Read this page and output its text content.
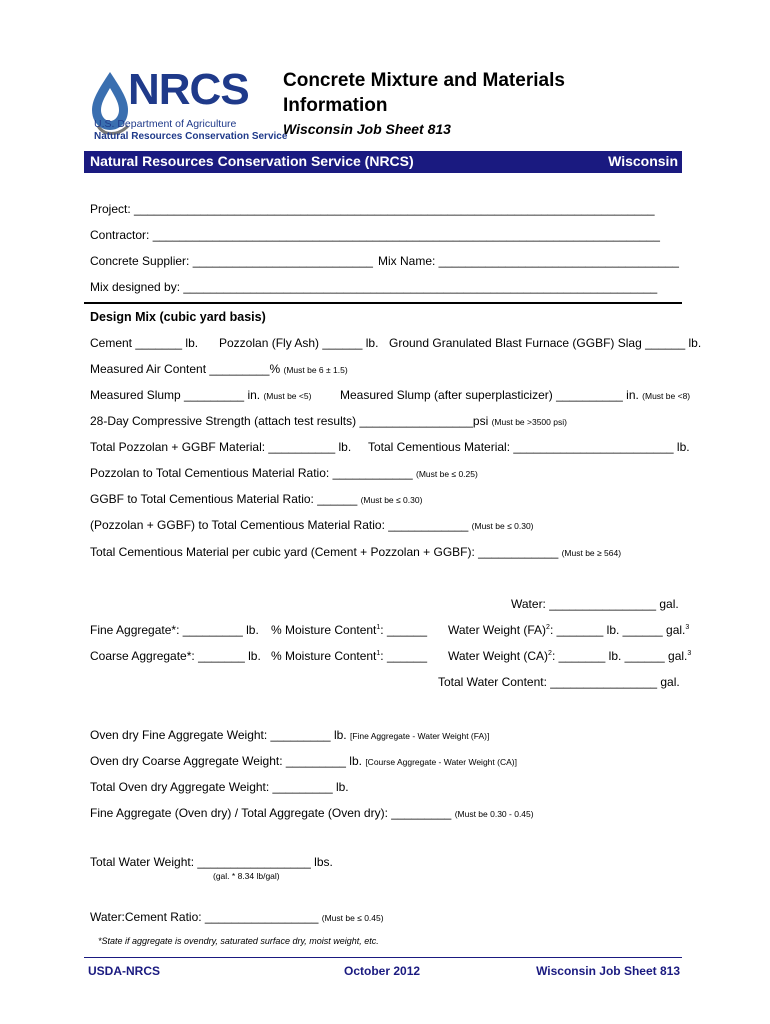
NRCS
U.S. Department of Agriculture
Natural Resources Conservation Service
Concrete Mixture and Materials
Information
Wisconsin Job Sheet 813
Natural Resources Conservation Service (NRCS)	Wisconsin
Project: ______________________________________________________________________________
Contractor: ____________________________________________________________________________
Concrete Supplier: ___________________________ Mix Name: ____________________________________
Mix designed by: _______________________________________________________________________
Design Mix (cubic yard basis)
Cement _______ lb. Pozzolan (Fly Ash) ______ lb. Ground Granulated Blast Furnace (GGBF) Slag ______ lb.
Measured Air Content _________% (Must be 6 ± 1.5)
Measured Slump _________ in. (Must be <5) Measured Slump (after superplasticizer) __________ in. (Must be <8)
28-Day Compressive Strength (attach test results) _________________psi (Must be >3500 psi)
Total Pozzolan + GGBF Material: __________ lb. Total Cementious Material: ________________________ lb.
Pozzolan to Total Cementious Material Ratio: ____________ (Must be ≤ 0.25)
GGBF to Total Cementious Material Ratio: ______ (Must be ≤ 0.30)
(Pozzolan + GGBF) to Total Cementious Material Ratio: ____________ (Must be ≤ 0.30)
Total Cementious Material per cubic yard (Cement + Pozzolan + GGBF): ____________ (Must be ≥ 564)
Water: ________________ gal.
Fine Aggregate*: _________ lb. % Moisture Content$^1$: ______ Water Weight (FA)$^2$: _______ lb. ______ gal.$^3$
Coarse Aggregate*: _______ lb. % Moisture Content$^1$: ______ Water Weight (CA)$^2$: _______ lb. ______ gal.$^3$
Total Water Content: ________________ gal.
Oven dry Fine Aggregate Weight: _________ lb. [Fine Aggregate - Water Weight (FA)]
Oven dry Coarse Aggregate Weight: _________ lb. [Course Aggregate - Water Weight (CA)]
Total Oven dry Aggregate Weight: _________ lb.
Fine Aggregate (Oven dry) / Total Aggregate (Oven dry): _________ (Must be 0.30 - 0.45)
Total Water Weight: _________________ lbs.
(gal. * 8.34 lb/gal)
Water:Cement Ratio: _________________ (Must be ≤ 0.45)
*State if aggregate is ovendry, saturated surface dry, moist weight, etc.
USDA-NRCS	October 2012	Wisconsin Job Sheet 813
